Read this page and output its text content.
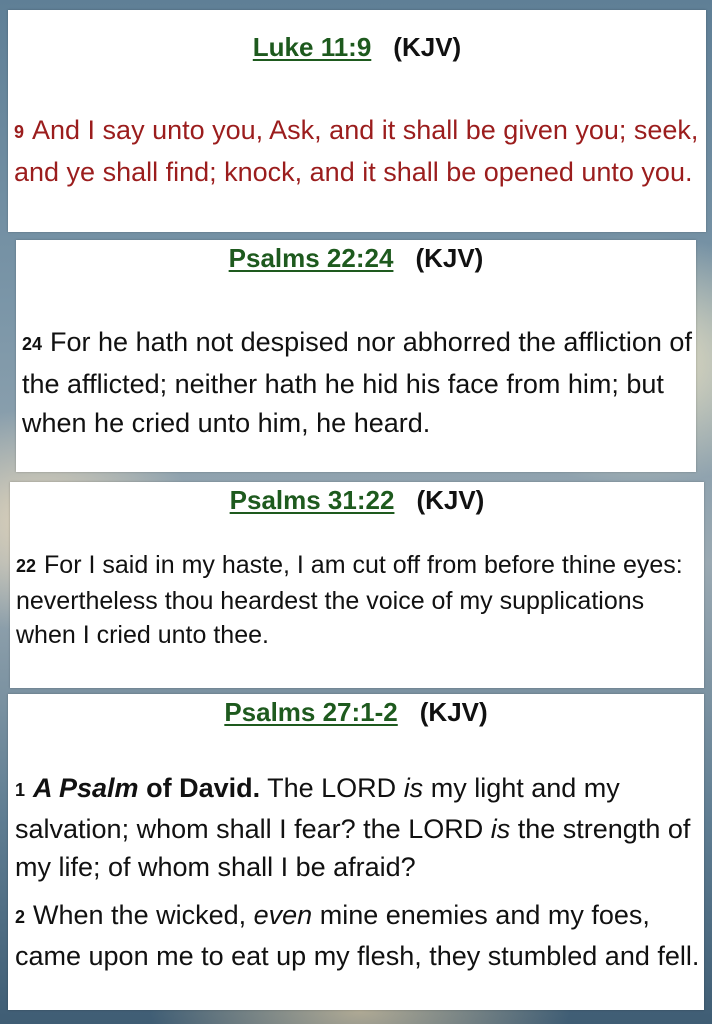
Luke 11:9 (KJV)

9 And I say unto you, Ask, and it shall be given you; seek, and ye shall find; knock, and it shall be opened unto you.

Psalms 22:24 (KJV)

24 For he hath not despised nor abhorred the affliction of the afflicted; neither hath he hid his face from him; but when he cried unto him, he heard.

Psalms 31:22 (KJV)

22 For I said in my haste, I am cut off from before thine eyes: nevertheless thou heardest the voice of my supplications when I cried unto thee.

Psalms 27:1-2 (KJV)

1 A Psalm of David. The LORD is my light and my salvation; whom shall I fear? the LORD is the strength of my life; of whom shall I be afraid?

2 When the wicked, even mine enemies and my foes, came upon me to eat up my flesh, they stumbled and fell.
